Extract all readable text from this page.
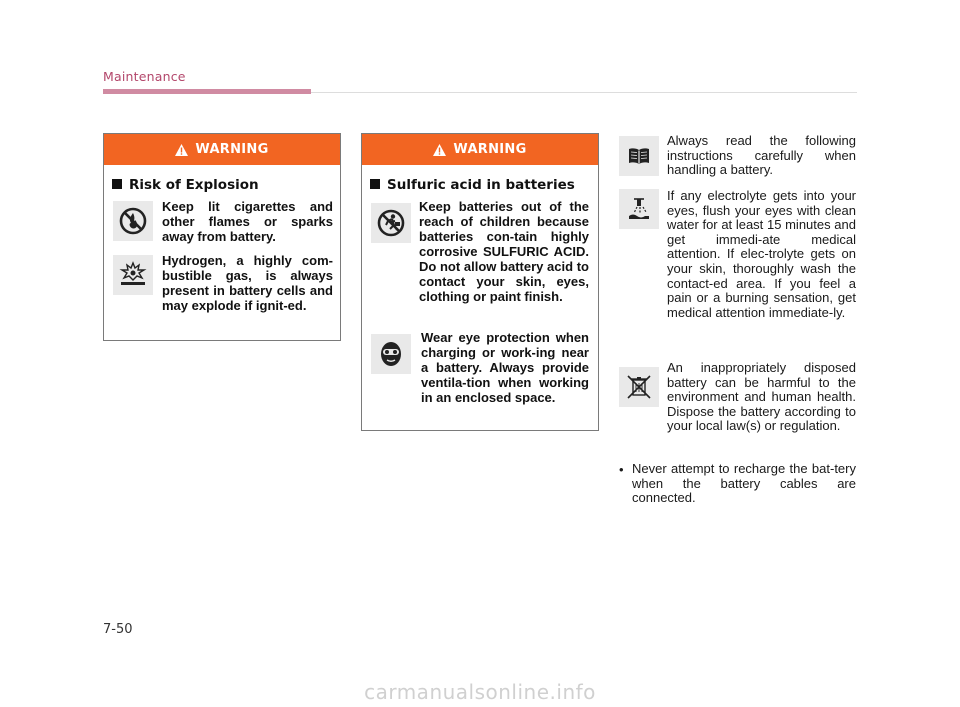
Maintenance
WARNING
Risk of Explosion
Keep lit cigarettes and other flames or sparks away from battery.
Hydrogen, a highly com-bustible gas, is always present in battery cells and may explode if ignit-ed.
WARNING
Sulfuric acid in batteries
Keep batteries out of the reach of children because batteries con-tain highly corrosive SULFURIC ACID. Do not allow battery acid to contact your skin, eyes, clothing or paint finish.
Wear eye protection when charging or work-ing near a battery. Always provide ventila-tion when working in an enclosed space.
Always read the following instructions carefully when handling a battery.
If any electrolyte gets into your eyes, flush your eyes with clean water for at least 15 minutes and get immedi-ate medical attention. If elec-trolyte gets on your skin, thoroughly wash the contact-ed area. If you feel a pain or a burning sensation, get medical attention immediate-ly.
An inappropriately disposed battery can be harmful to the environment and human health. Dispose the battery according to your local law(s) or regulation.
• Never attempt to recharge the bat-tery when the battery cables are connected.
7-50
carmanualsonline.info
